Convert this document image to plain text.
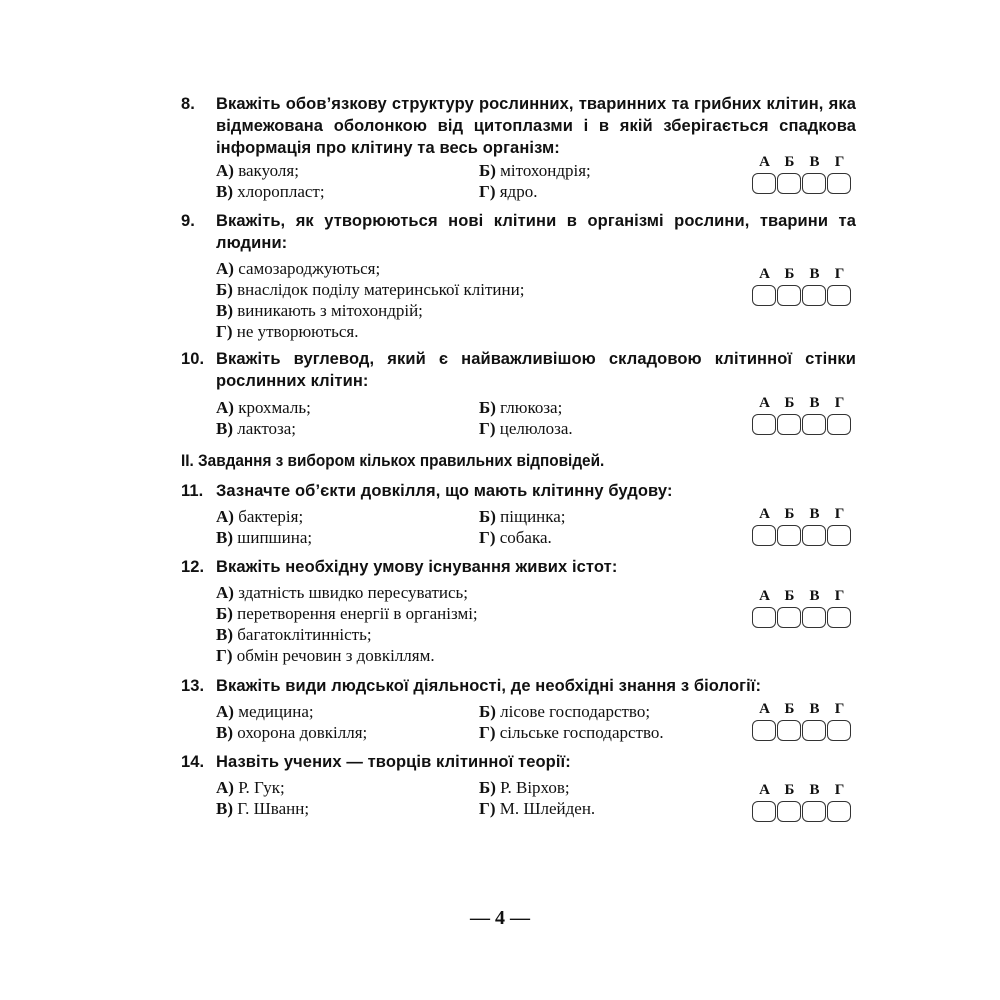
8. Вкажіть обов’язкову структуру рослинних, тваринних та грибних клітин, яка відмежована оболонкою від цитоплазми і в якій зберігається спадкова інформація про клітину та весь організм:
А) вакуоля;	Б) мітохондрія;
В) хлоропласт;	Г) ядро.
А Б	В	Г
9. Вкажіть, як утворюються нові клітини в організмі рослини, тварини та людини:
А) самозароджуються;
Б) внаслідок поділу материнської клітини;
В) виникають з мітохондрій;
Г) не утворюються.
А Б	В	Г
10. Вкажіть вуглевод, який є найважливішою складовою клітинної стінки рослинних клітин:
А) крохмаль;	Б) глюкоза;
В) лактоза;	Г) целюлоза.
А Б	В	Г
II. Завдання з вибором кількох правильних відповідей.
11. Зазначте об’єкти довкілля, що мають клітинну будову:
А) бактерія;	Б) піщинка;
В) шипшина;	Г) собака.
А Б	В	Г
12. Вкажіть необхідну умову існування живих істот:
А) здатність швидко пересуватись;
Б) перетворення енергії в організмі;
В) багатоклітинність;
Г) обмін речовин з довкіллям.
А Б	В	Г
13. Вкажіть види людської діяльності, де необхідні знання з біології:
А) медицина;	Б) лісове господарство;
В) охорона довкілля;	Г) сільське господарство.
А Б	В	Г
14. Назвіть учених — творців клітинної теорії:
А) Р. Гук;	Б) Р. Вірхов;
В) Г. Шванн;	Г) М. Шлейден.
А Б	В	Г
— 4 —
